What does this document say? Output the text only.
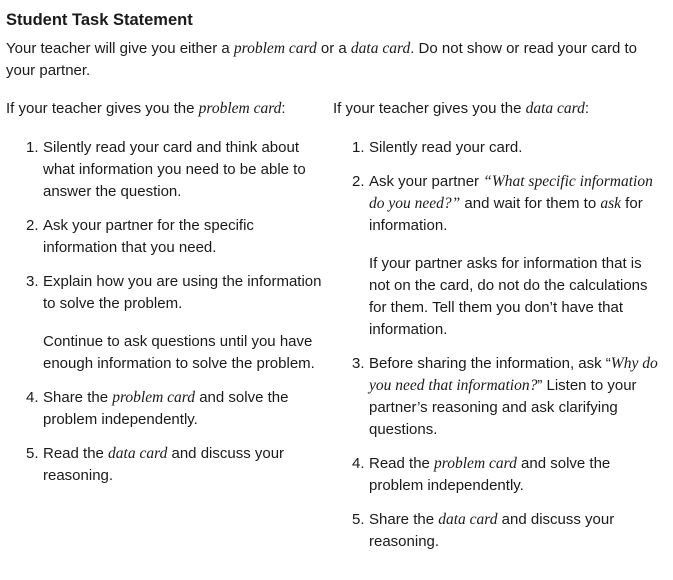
Student Task Statement

Your teacher will give you either a problem card or a data card. Do not show or read your card to your partner.

If your teacher gives you the problem card:	If your teacher gives you the data card:

1. Silently read your card and think about what information you need to be able to answer the question.

2. Ask your partner for the specific information that you need.

3. Explain how you are using the information to solve the problem.

Continue to ask questions until you have enough information to solve the problem.

4. Share the problem card and solve the problem independently.

5. Read the data card and discuss your reasoning.

1. Silently read your card.

2. Ask your partner “What specific information do you need?” and wait for them to ask for information.

If your partner asks for information that is not on the card, do not do the calculations for them. Tell them you don’t have that information.

3. Before sharing the information, ask “Why do you need that information?” Listen to your partner’s reasoning and ask clarifying questions.

4. Read the problem card and solve the problem independently.

5. Share the data card and discuss your reasoning.
